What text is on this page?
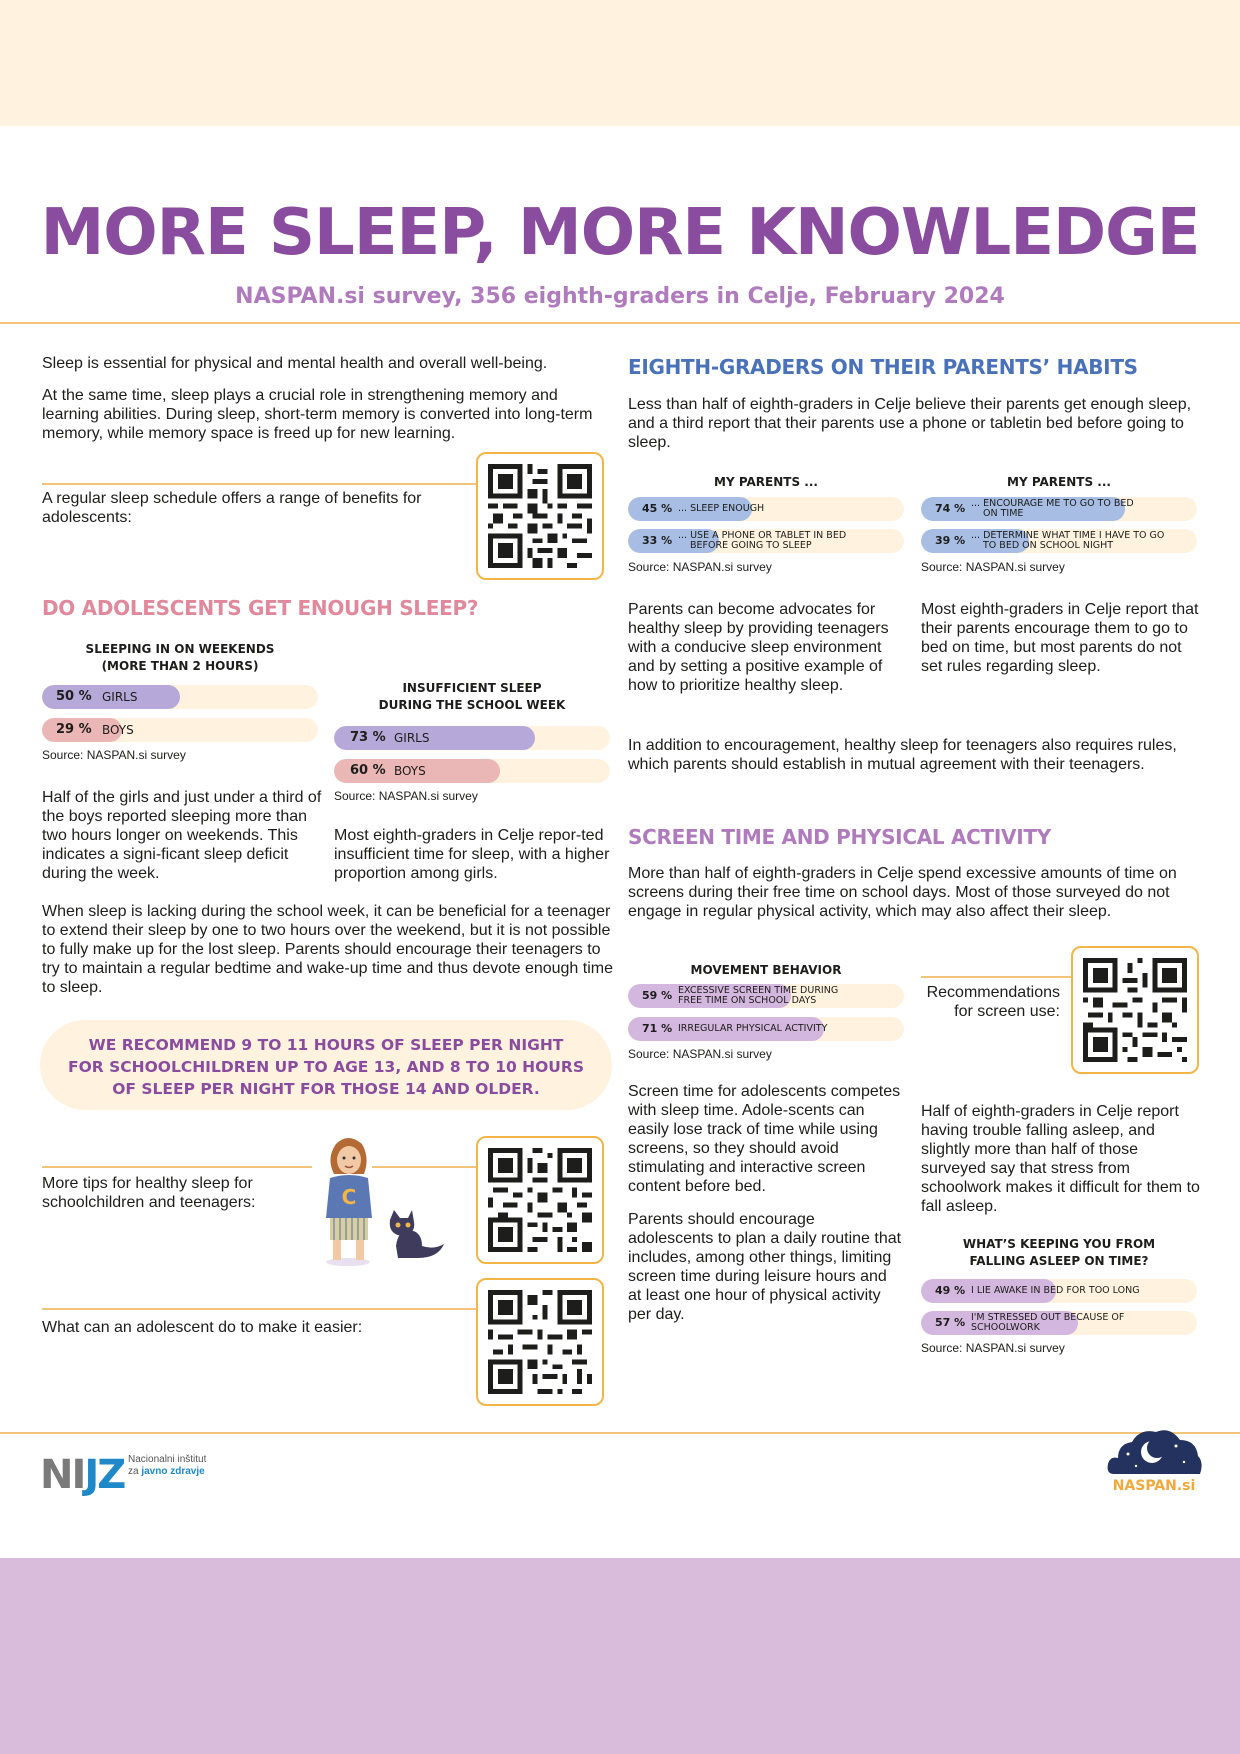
MORE SLEEP, MORE KNOWLEDGE
NASPAN.si survey, 356 eighth-graders in Celje, February 2024

Sleep is essential for physical and mental health and overall well-being.

At the same time, sleep plays a crucial role in strengthening memory and learning abilities. During sleep, short-term memory is converted into long-term memory, while memory space is freed up for new learning.

A regular sleep schedule offers a range of benefits for adolescents:

DO ADOLESCENTS GET ENOUGH SLEEP?
SLEEPING IN ON WEEKENDS
(MORE THAN 2 HOURS)
50 % GIRLS
29 % BOYS
Source: NASPAN.si survey
INSUFFICIENT SLEEP
DURING THE SCHOOL WEEK
73 % GIRLS
60 % BOYS
Source: NASPAN.si survey

Half of the girls and just under a third of the boys reported sleeping more than two hours longer on weekends. This indicates a signi-ficant sleep deficit during the week.

Most eighth-graders in Celje repor-ted insufficient time for sleep, with a higher proportion among girls.

When sleep is lacking during the school week, it can be beneficial for a teenager to extend their sleep by one to two hours over the weekend, but it is not possible to fully make up for the lost sleep. Parents should encourage their teenagers to try to maintain a regular bedtime and wake-up time and thus devote enough time to sleep.

WE RECOMMEND 9 TO 11 HOURS OF SLEEP PER NIGHT
FOR SCHOOLCHILDREN UP TO AGE 13, AND 8 TO 10 HOURS
OF SLEEP PER NIGHT FOR THOSE 14 AND OLDER.

More tips for healthy sleep for schoolchildren and teenagers:	C

What can an adolescent do to make it easier:

EIGHTH-GRADERS ON THEIR PARENTS’ HABITS

Less than half of eighth-graders in Celje believe their parents get enough sleep, and a third report that their parents use a phone or tabletin bed before going to sleep.

MY PARENTS ...
45 % ... SLEEP ENOUGH
33 % ... USE A PHONE OR TABLET IN BED
BEFORE GOING TO SLEEP
Source: NASPAN.si survey
MY PARENTS ...
74 % ... ENCOURAGE ME TO GO TO BED
ON TIME
39 % ... DETERMINE WHAT TIME I HAVE TO GO
TO BED ON SCHOOL NIGHT
Source: NASPAN.si survey

Parents can become advocates for healthy sleep by providing teenagers with a conducive sleep environment and by setting a positive example of how to prioritize healthy sleep.

Most eighth-graders in Celje report that their parents encourage them to go to bed on time, but most parents do not set rules regarding sleep.

In addition to encouragement, healthy sleep for teenagers also requires rules, which parents should establish in mutual agreement with their teenagers.

SCREEN TIME AND PHYSICAL ACTIVITY

More than half of eighth-graders in Celje spend excessive amounts of time on screens during their free time on school days. Most of those surveyed do not engage in regular physical activity, which may also affect their sleep.

MOVEMENT BEHAVIOR
59 % EXCESSIVE SCREEN TIME DURING
FREE TIME ON SCHOOL DAYS
71 % IRREGULAR PHYSICAL ACTIVITY
Source: NASPAN.si survey
Recommendations
for screen use:

Screen time for adolescents competes with sleep time. Adole-scents can easily lose track of time while using screens, so they should avoid stimulating and interactive screen content before bed.

Parents should encourage adolescents to plan a daily routine that includes, among other things, limiting screen time during leisure hours and at least one hour of physical activity per day.

Half of eighth-graders in Celje report having trouble falling asleep, and slightly more than half of those surveyed say that stress from schoolwork makes it difficult for them to fall asleep.

WHAT’S KEEPING YOU FROM
FALLING ASLEEP ON TIME?
49 % I LIE AWAKE IN BED FOR TOO LONG
57 % I'M STRESSED OUT BECAUSE OF
SCHOOLWORK
Source: NASPAN.si survey
NIJZ Nacionalni inštitut
za javno zdravje
NASPAN.si
